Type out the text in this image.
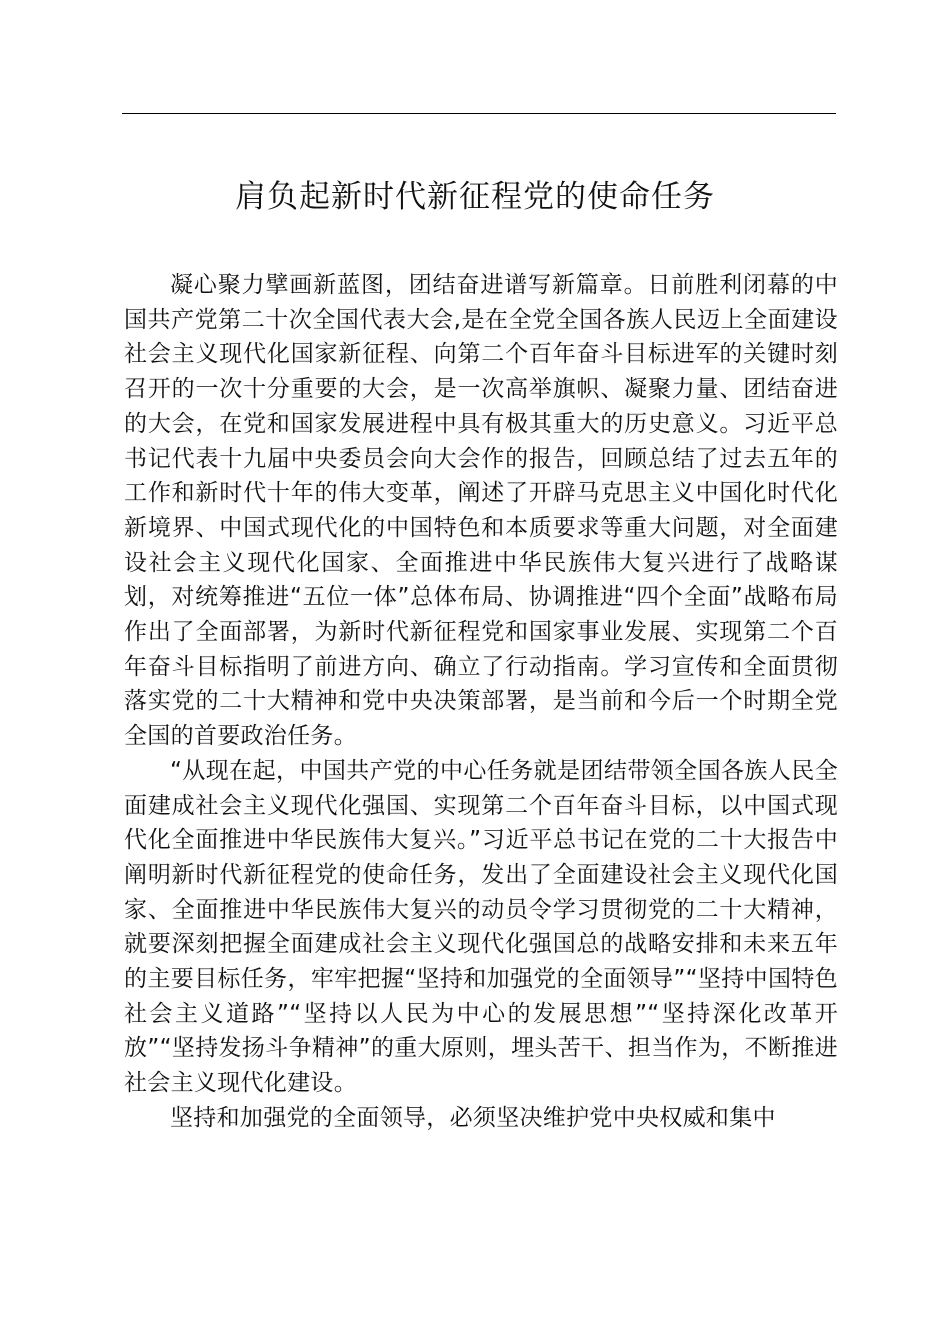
肩负起新时代新征程党的使命任务

凝心聚力擘画新蓝图，团结奋进谱写新篇章。日前胜利闭幕的中国共产党第二十次全国代表大会,是在全党全国各族人民迈上全面建设社会主义现代化国家新征程、向第二个百年奋斗目标进军的关键时刻召开的一次十分重要的大会，是一次高举旗帜、凝聚力量、团结奋进的大会，在党和国家发展进程中具有极其重大的历史意义。习近平总书记代表十九届中央委员会向大会作的报告，回顾总结了过去五年的工作和新时代十年的伟大变革，阐述了开辟马克思主义中国化时代化新境界、中国式现代化的中国特色和本质要求等重大问题，对全面建设社会主义现代化国家、全面推进中华民族伟大复兴进行了战略谋划，对统筹推进“五位一体”总体布局、协调推进“四个全面”战略布局作出了全面部署，为新时代新征程党和国家事业发展、实现第二个百年奋斗目标指明了前进方向、确立了行动指南。学习宣传和全面贯彻落实党的二十大精神和党中央决策部署，是当前和今后一个时期全党全国的首要政治任务。

“从现在起，中国共产党的中心任务就是团结带领全国各族人民全面建成社会主义现代化强国、实现第二个百年奋斗目标，以中国式现代化全面推进中华民族伟大复兴。”习近平总书记在党的二十大报告中阐明新时代新征程党的使命任务，发出了全面建设社会主义现代化国家、全面推进中华民族伟大复兴的动员令学习贯彻党的二十大精神，就要深刻把握全面建成社会主义现代化强国总的战略安排和未来五年的主要目标任务，牢牢把握“坚持和加强党的全面领导”“坚持中国特色社会主义道路”“坚持以人民为中心的发展思想”“坚持深化改革开放”“坚持发扬斗争精神”的重大原则，埋头苦干、担当作为，不断推进社会主义现代化建设。

坚持和加强党的全面领导，必须坚决维护党中央权威和集中
